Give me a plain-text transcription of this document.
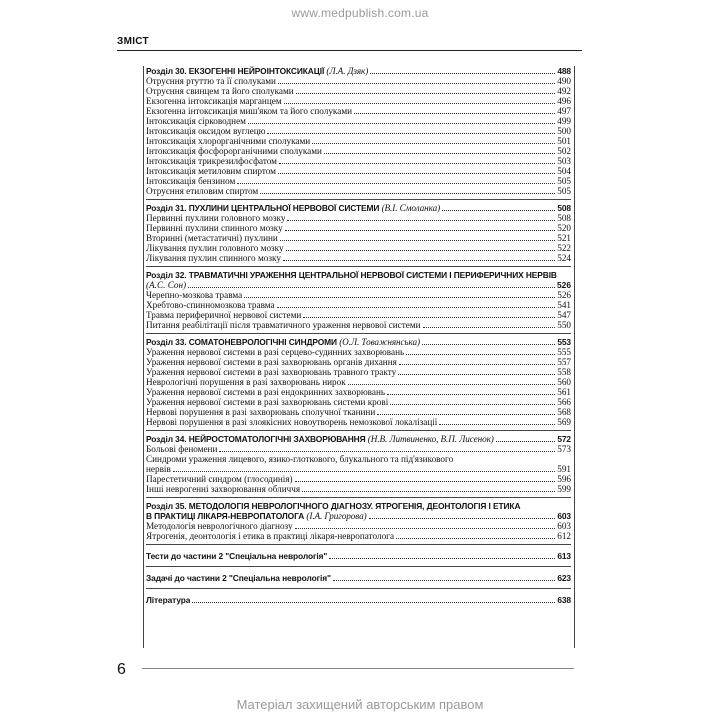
www.medpublish.com.ua
ЗМІСТ
Розділ 30. ЕКЗОГЕННІ НЕЙРОІНТОКСИКАЦІЇ (Л.А. Дзяк)	488
Отруєння ртуттю та її сполуками	490
Отруєння свинцем та його сполуками	492
Екзогенна інтоксикація марганцем	496
Екзогенна інтоксикація миш'яком та його сполуками	497
Інтоксикація сірководнем	499
Інтоксикація оксидом вуглецю	500
Інтоксикація хлорорганічними сполуками	501
Інтоксикація фосфорорганічними сполуками	502
Інтоксикація трикрезилфосфатом	503
Інтоксикація метиловим спиртом	504
Інтоксикація бензином	505
Отруєння етиловим спиртом	505
Розділ 31. ПУХЛИНИ ЦЕНТРАЛЬНОЇ НЕРВОВОЇ СИСТЕМИ (В.І. Смоланка)	508
Первинні пухлини головного мозку	508
Первинні пухлини спинного мозку	520
Вторинні (метастатичні) пухлини	521
Лікування пухлин головного мозку	522
Лікування пухлин спинного мозку	524
Розділ 32. ТРАВМАТИЧНІ УРАЖЕННЯ ЦЕНТРАЛЬНОЇ НЕРВОВОЇ СИСТЕМИ І ПЕРИФЕРИЧНИХ НЕРВІВ
(А.С. Сон)	526
Черепно-мозкова травма	526
Хребтово-спинномозкова травма	541
Травма периферичної нервової системи	547
Питання реабілітації після травматичного ураження нервової системи	550
Розділ 33. СОМАТОНЕВРОЛОГІЧНІ СИНДРОМИ (О.Л. Товажнянська)	553
Ураження нервової системи в разі серцево-судинних захворювань	555
Ураження нервової системи в разі захворювань органів дихання	557
Ураження нервової системи в разі захворювань травного тракту	558
Неврологічні порушення в разі захворювань нирок	560
Ураження нервової системи в разі ендокринних захворювань	561
Ураження нервової системи в разі захворювань системи крові	566
Нервові порушення в разі захворювань сполучної тканини	568
Нервові порушення в разі злоякісних новоутворень немозкової локалізації	569
Розділ 34. НЕЙРОСТОМАТОЛОГІЧНІ ЗАХВОРЮВАННЯ (Н.В. Литвиненко, В.П. Лисенок)	572
Больові феномени	573
Синдроми ураження лицевого, язико-глоткового, блукального та під'язикового
нервів	591
Парестетичний синдром (глосодинія)	596
Інші неврогенні захворювання обличчя	599
Розділ 35. МЕТОДОЛОГІЯ НЕВРОЛОГІЧНОГО ДІАГНОЗУ. ЯТРОГЕНІЯ, ДЕОНТОЛОГІЯ І ЕТИКА
В ПРАКТИЦІ ЛІКАРЯ-НЕВРОПАТОЛОГА (І.А. Григорова)	603
Методологія неврологічного діагнозу	603
Ятрогенія, деонтологія і етика в практиці лікаря-невропатолога	612
Тести до частини 2 "Спеціальна неврологія"	613
Задачі до частини 2 "Спеціальна неврологія"	623
Література	638
6
Матеріал захищений авторським правом
